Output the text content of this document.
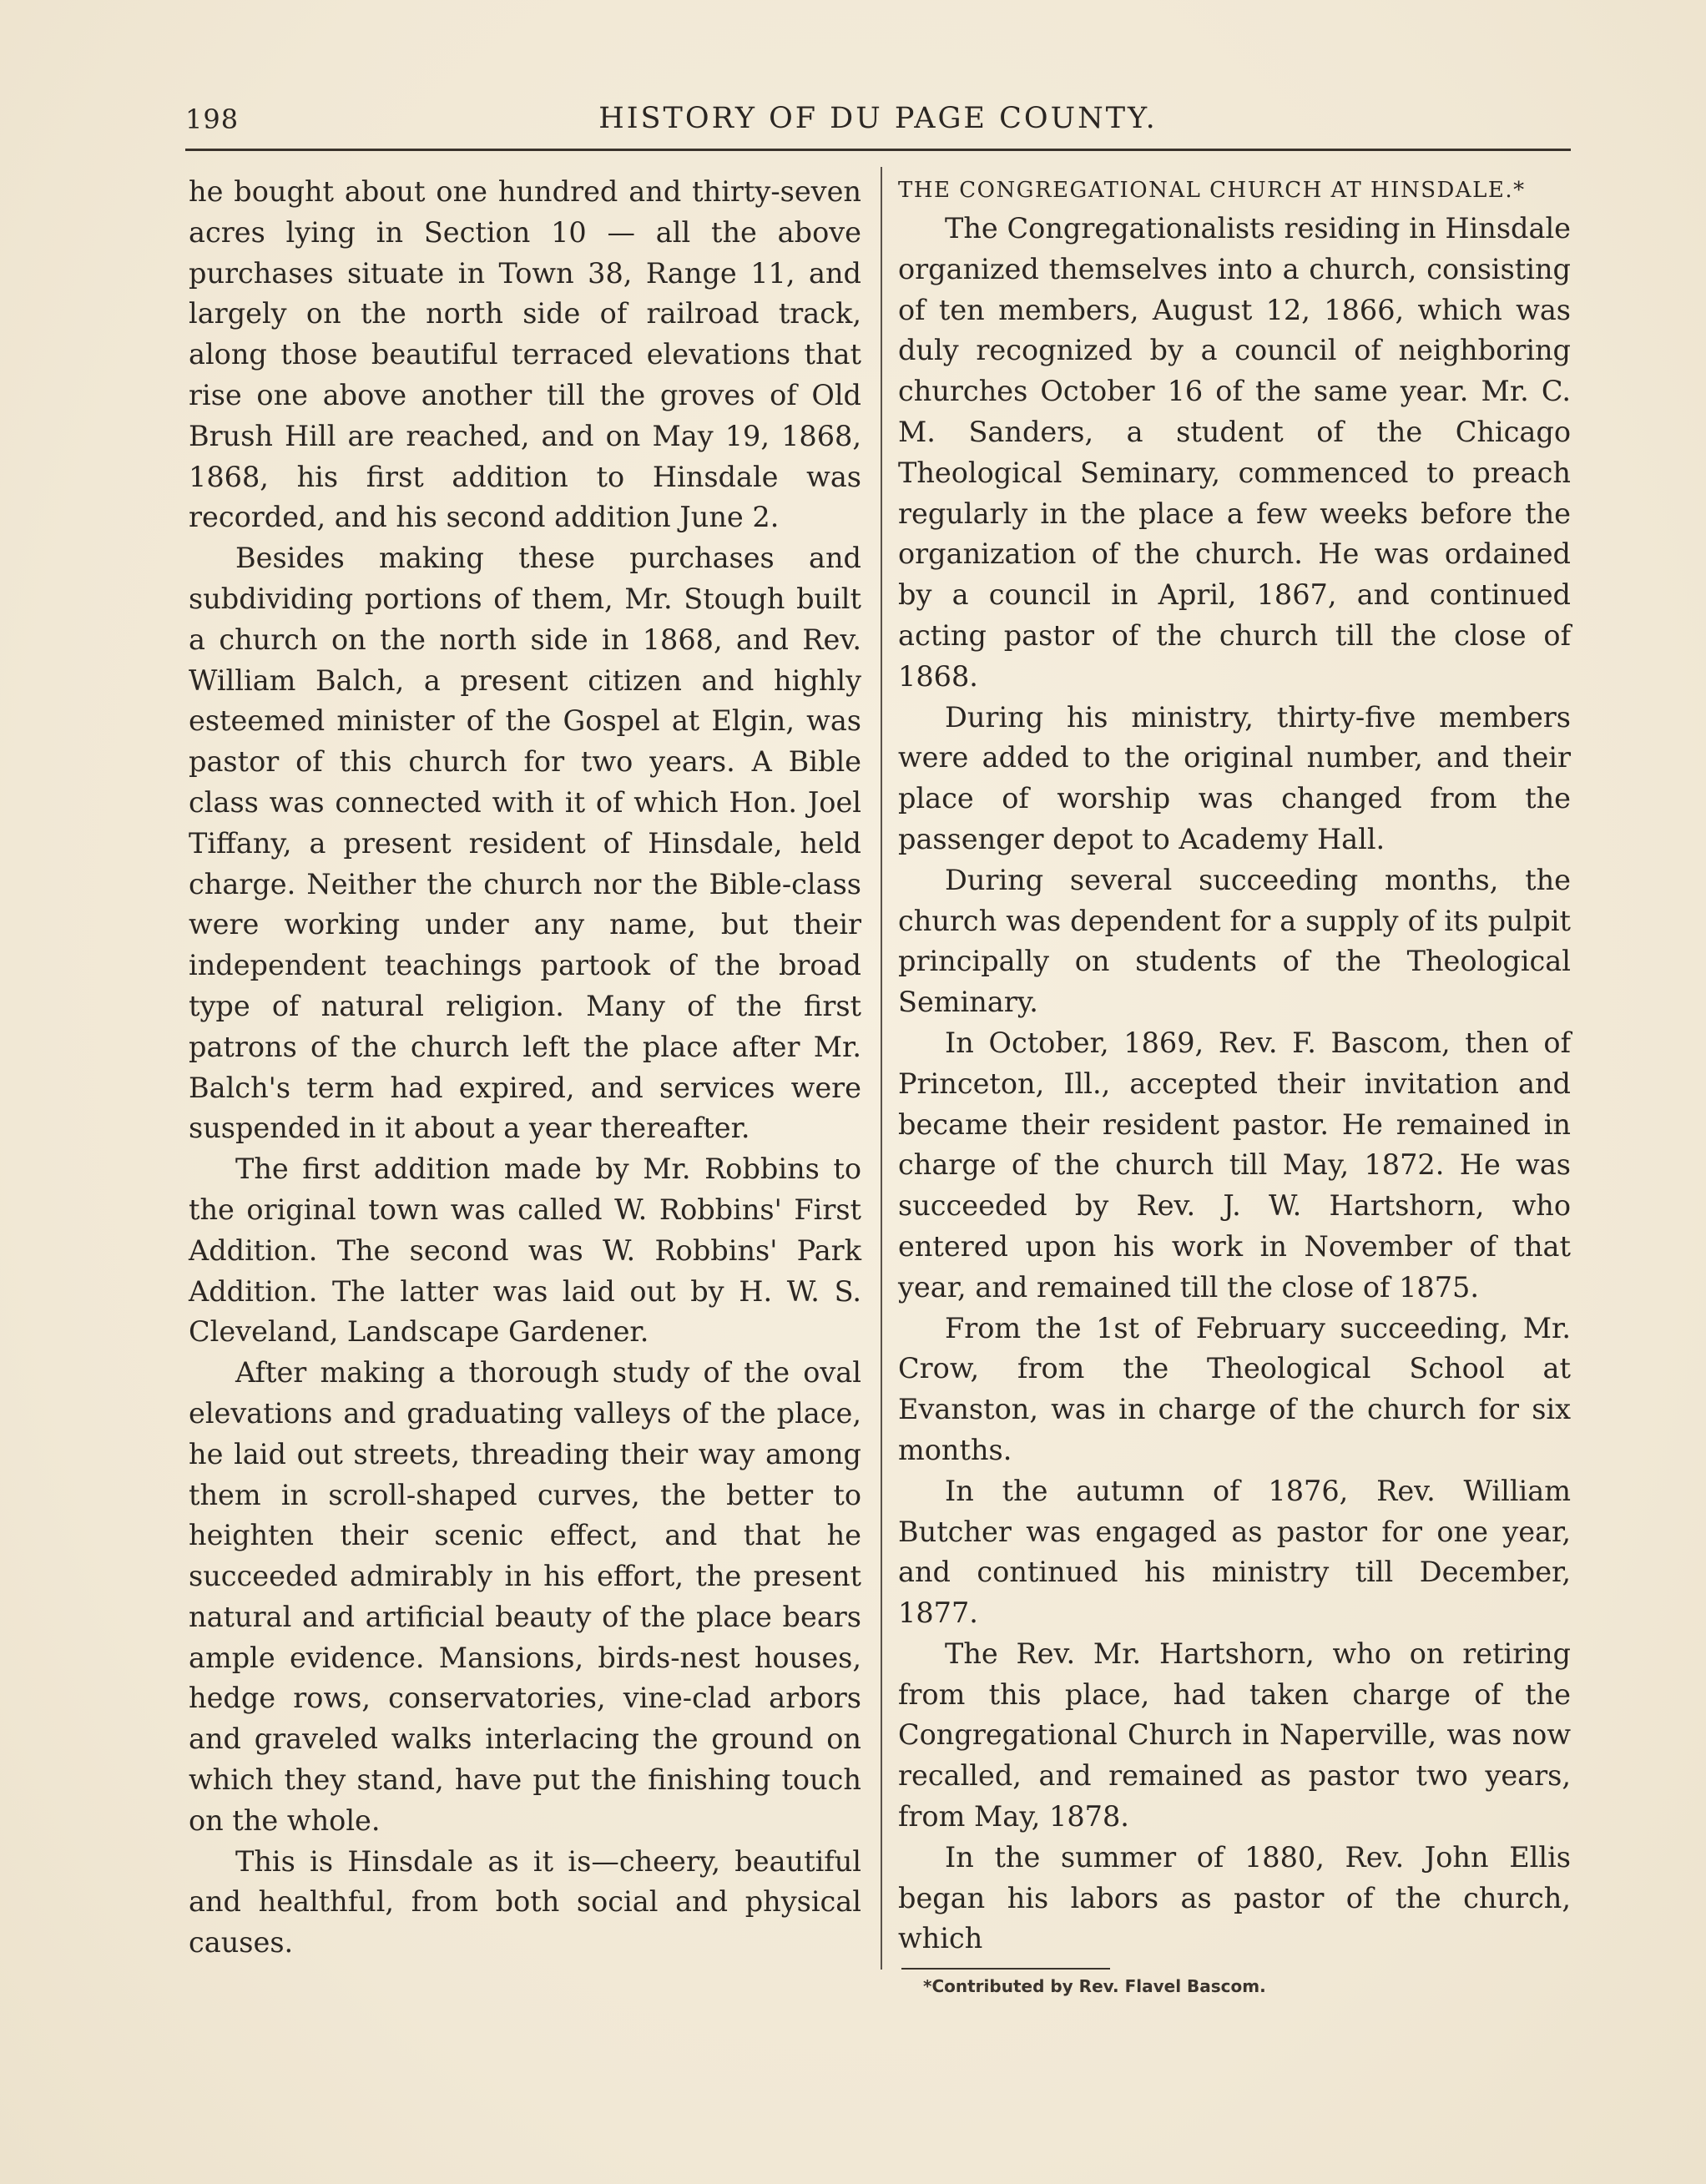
198	HISTORY OF DU PAGE COUNTY.

he bought about one hundred and thirty-seven acres lying in Section 10 — all the above purchases situate in Town 38, Range 11, and largely on the north side of railroad track, along those beautiful terraced elevations that rise one above another till the groves of Old Brush Hill are reached, and on May 19, 1868, 1868, his first addition to Hinsdale was recorded, and his second addition June 2.

Besides making these purchases and subdividing portions of them, Mr. Stough built a church on the north side in 1868, and Rev. William Balch, a present citizen and highly esteemed minister of the Gospel at Elgin, was pastor of this church for two years. A Bible class was connected with it of which Hon. Joel Tiffany, a present resident of Hinsdale, held charge. Neither the church nor the Bible-class were working under any name, but their independent teachings partook of the broad type of natural religion. Many of the first patrons of the church left the place after Mr. Balch's term had expired, and services were suspended in it about a year thereafter.

The first addition made by Mr. Robbins to the original town was called W. Robbins' First Addition. The second was W. Robbins' Park Addition. The latter was laid out by H. W. S. Cleveland, Landscape Gardener.

After making a thorough study of the oval elevations and graduating valleys of the place, he laid out streets, threading their way among them in scroll-shaped curves, the better to heighten their scenic effect, and that he succeeded admirably in his effort, the present natural and artificial beauty of the place bears ample evidence. Mansions, birds-nest houses, hedge rows, conservatories, vine-clad arbors and graveled walks interlacing the ground on which they stand, have put the finishing touch on the whole.

This is Hinsdale as it is—cheery, beautiful and healthful, from both social and physical causes.

THE CONGREGATIONAL CHURCH AT HINSDALE.*

The Congregationalists residing in Hinsdale organized themselves into a church, consisting of ten members, August 12, 1866, which was duly recognized by a council of neighboring churches October 16 of the same year. Mr. C. M. Sanders, a student of the Chicago Theological Seminary, commenced to preach regularly in the place a few weeks before the organization of the church. He was ordained by a council in April, 1867, and continued acting pastor of the church till the close of 1868.

During his ministry, thirty-five members were added to the original number, and their place of worship was changed from the passenger depot to Academy Hall.

During several succeeding months, the church was dependent for a supply of its pulpit principally on students of the Theological Seminary.

In October, 1869, Rev. F. Bascom, then of Princeton, Ill., accepted their invitation and became their resident pastor. He remained in charge of the church till May, 1872. He was succeeded by Rev. J. W. Hartshorn, who entered upon his work in November of that year, and remained till the close of 1875.

From the 1st of February succeeding, Mr. Crow, from the Theological School at Evanston, was in charge of the church for six months.

In the autumn of 1876, Rev. William Butcher was engaged as pastor for one year, and continued his ministry till December, 1877.

The Rev. Mr. Hartshorn, who on retiring from this place, had taken charge of the Congregational Church in Naperville, was now recalled, and remained as pastor two years, from May, 1878.

In the summer of 1880, Rev. John Ellis began his labors as pastor of the church, which

*Contributed by Rev. Flavel Bascom.
